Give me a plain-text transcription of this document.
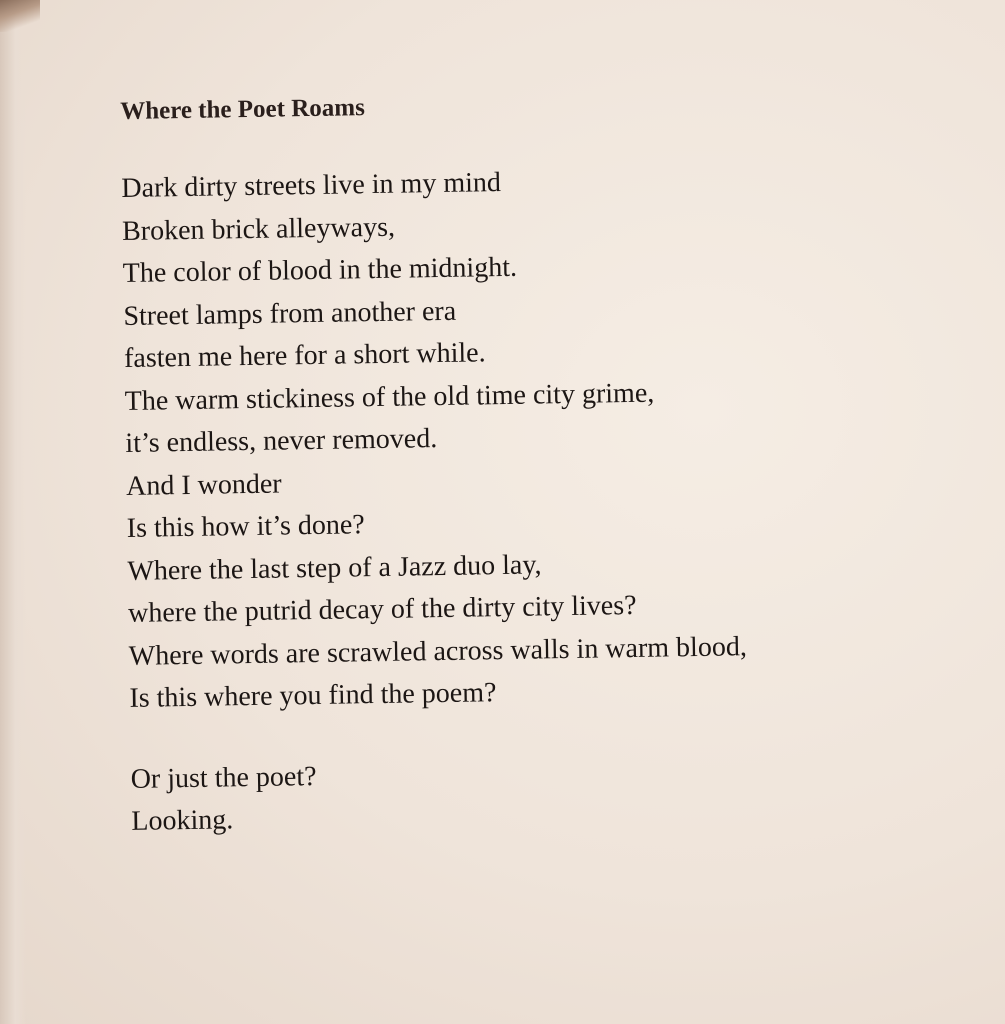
Where the Poet Roams
Dark dirty streets live in my mind
Broken brick alleyways,
The color of blood in the midnight.
Street lamps from another era
fasten me here for a short while.
The warm stickiness of the old time city grime,
it’s endless, never removed.
And I wonder
Is this how it’s done?
Where the last step of a Jazz duo lay,
where the putrid decay of the dirty city lives?
Where words are scrawled across walls in warm blood,
Is this where you find the poem?
Or just the poet?
Looking.
